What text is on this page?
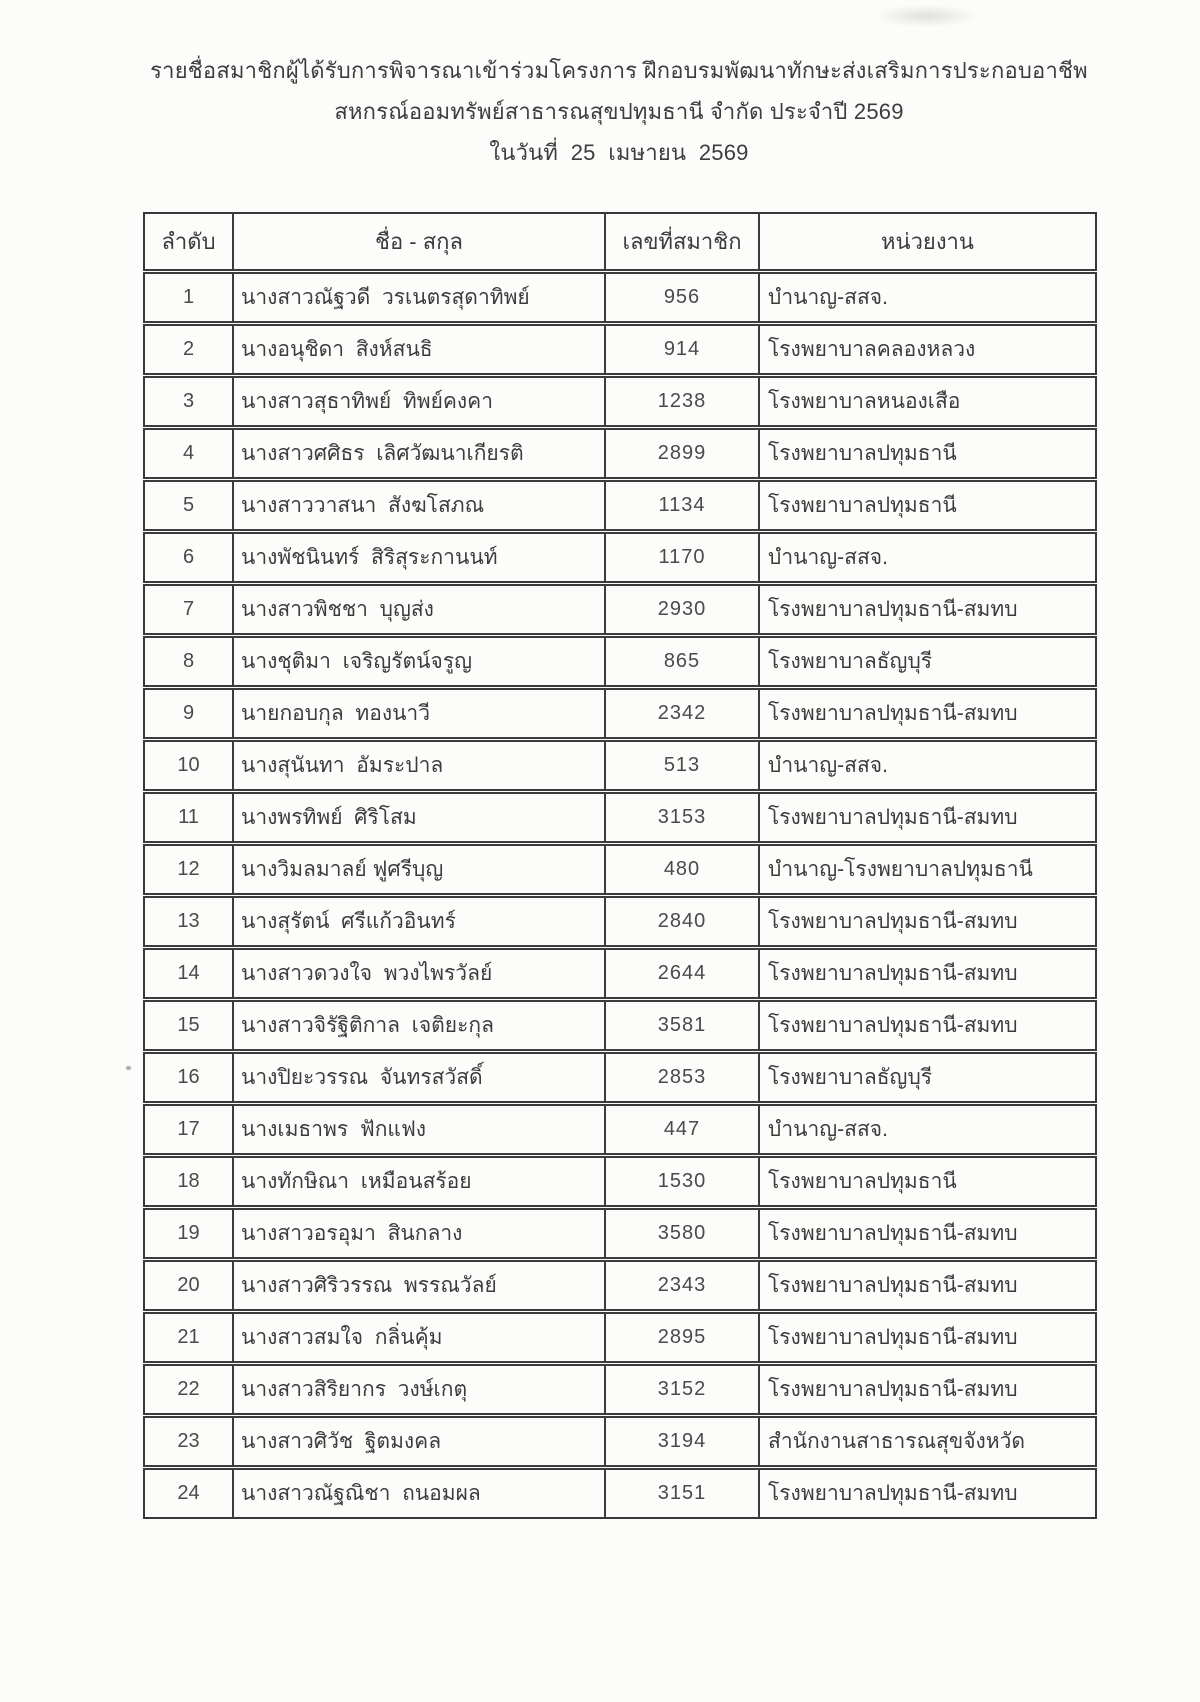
รายชื่อสมาชิกผู้ได้รับการพิจารณาเข้าร่วมโครงการ ฝึกอบรมพัฒนาทักษะส่งเสริมการประกอบอาชีพ
สหกรณ์ออมทรัพย์สาธารณสุขปทุมธานี จำกัด ประจำปี 2569
ในวันที่  25  เมษายน  2569
ลำดับ	ชื่อ - สกุล	เลขที่สมาชิก	หน่วยงาน
1	นางสาวณัฐวดี  วรเนตรสุดาทิพย์	956	บำนาญ-สสจ.
2	นางอนุชิดา  สิงห์สนธิ	914	โรงพยาบาลคลองหลวง
3	นางสาวสุธาทิพย์  ทิพย์คงคา	1238	โรงพยาบาลหนองเสือ
4	นางสาวศศิธร  เลิศวัฒนาเกียรติ	2899	โรงพยาบาลปทุมธานี
5	นางสาววาสนา  สังฆโสภณ	1134	โรงพยาบาลปทุมธานี
6	นางพัชนินทร์  สิริสุระกานนท์	1170	บำนาญ-สสจ.
7	นางสาวพิชชา  บุญส่ง	2930	โรงพยาบาลปทุมธานี-สมทบ
8	นางชุติมา  เจริญรัตน์จรูญ	865	โรงพยาบาลธัญบุรี
9	นายกอบกุล  ทองนาวี	2342	โรงพยาบาลปทุมธานี-สมทบ
10	นางสุนันทา  อัมระปาล	513	บำนาญ-สสจ.
11	นางพรทิพย์  ศิริโสม	3153	โรงพยาบาลปทุมธานี-สมทบ
12	นางวิมลมาลย์ ฟูศรีบุญ	480	บำนาญ-โรงพยาบาลปทุมธานี
13	นางสุรัตน์  ศรีแก้วอินทร์	2840	โรงพยาบาลปทุมธานี-สมทบ
14	นางสาวดวงใจ  พวงไพรวัลย์	2644	โรงพยาบาลปทุมธานี-สมทบ
15	นางสาวจิรัฐิติกาล  เจติยะกุล	3581	โรงพยาบาลปทุมธานี-สมทบ
16	นางปิยะวรรณ  จันทรสวัสดิ์	2853	โรงพยาบาลธัญบุรี
17	นางเมธาพร  ฟักแฟง	447	บำนาญ-สสจ.
18	นางทักษิณา  เหมือนสร้อย	1530	โรงพยาบาลปทุมธานี
19	นางสาวอรอุมา  สินกลาง	3580	โรงพยาบาลปทุมธานี-สมทบ
20	นางสาวศิริวรรณ  พรรณวัลย์	2343	โรงพยาบาลปทุมธานี-สมทบ
21	นางสาวสมใจ  กลิ่นคุ้ม	2895	โรงพยาบาลปทุมธานี-สมทบ
22	นางสาวสิริยากร  วงษ์เกตุ	3152	โรงพยาบาลปทุมธานี-สมทบ
23	นางสาวศิวัช  ฐิตมงคล	3194	สำนักงานสาธารณสุขจังหวัด
24	นางสาวณัฐณิชา  ถนอมผล	3151	โรงพยาบาลปทุมธานี-สมทบ
